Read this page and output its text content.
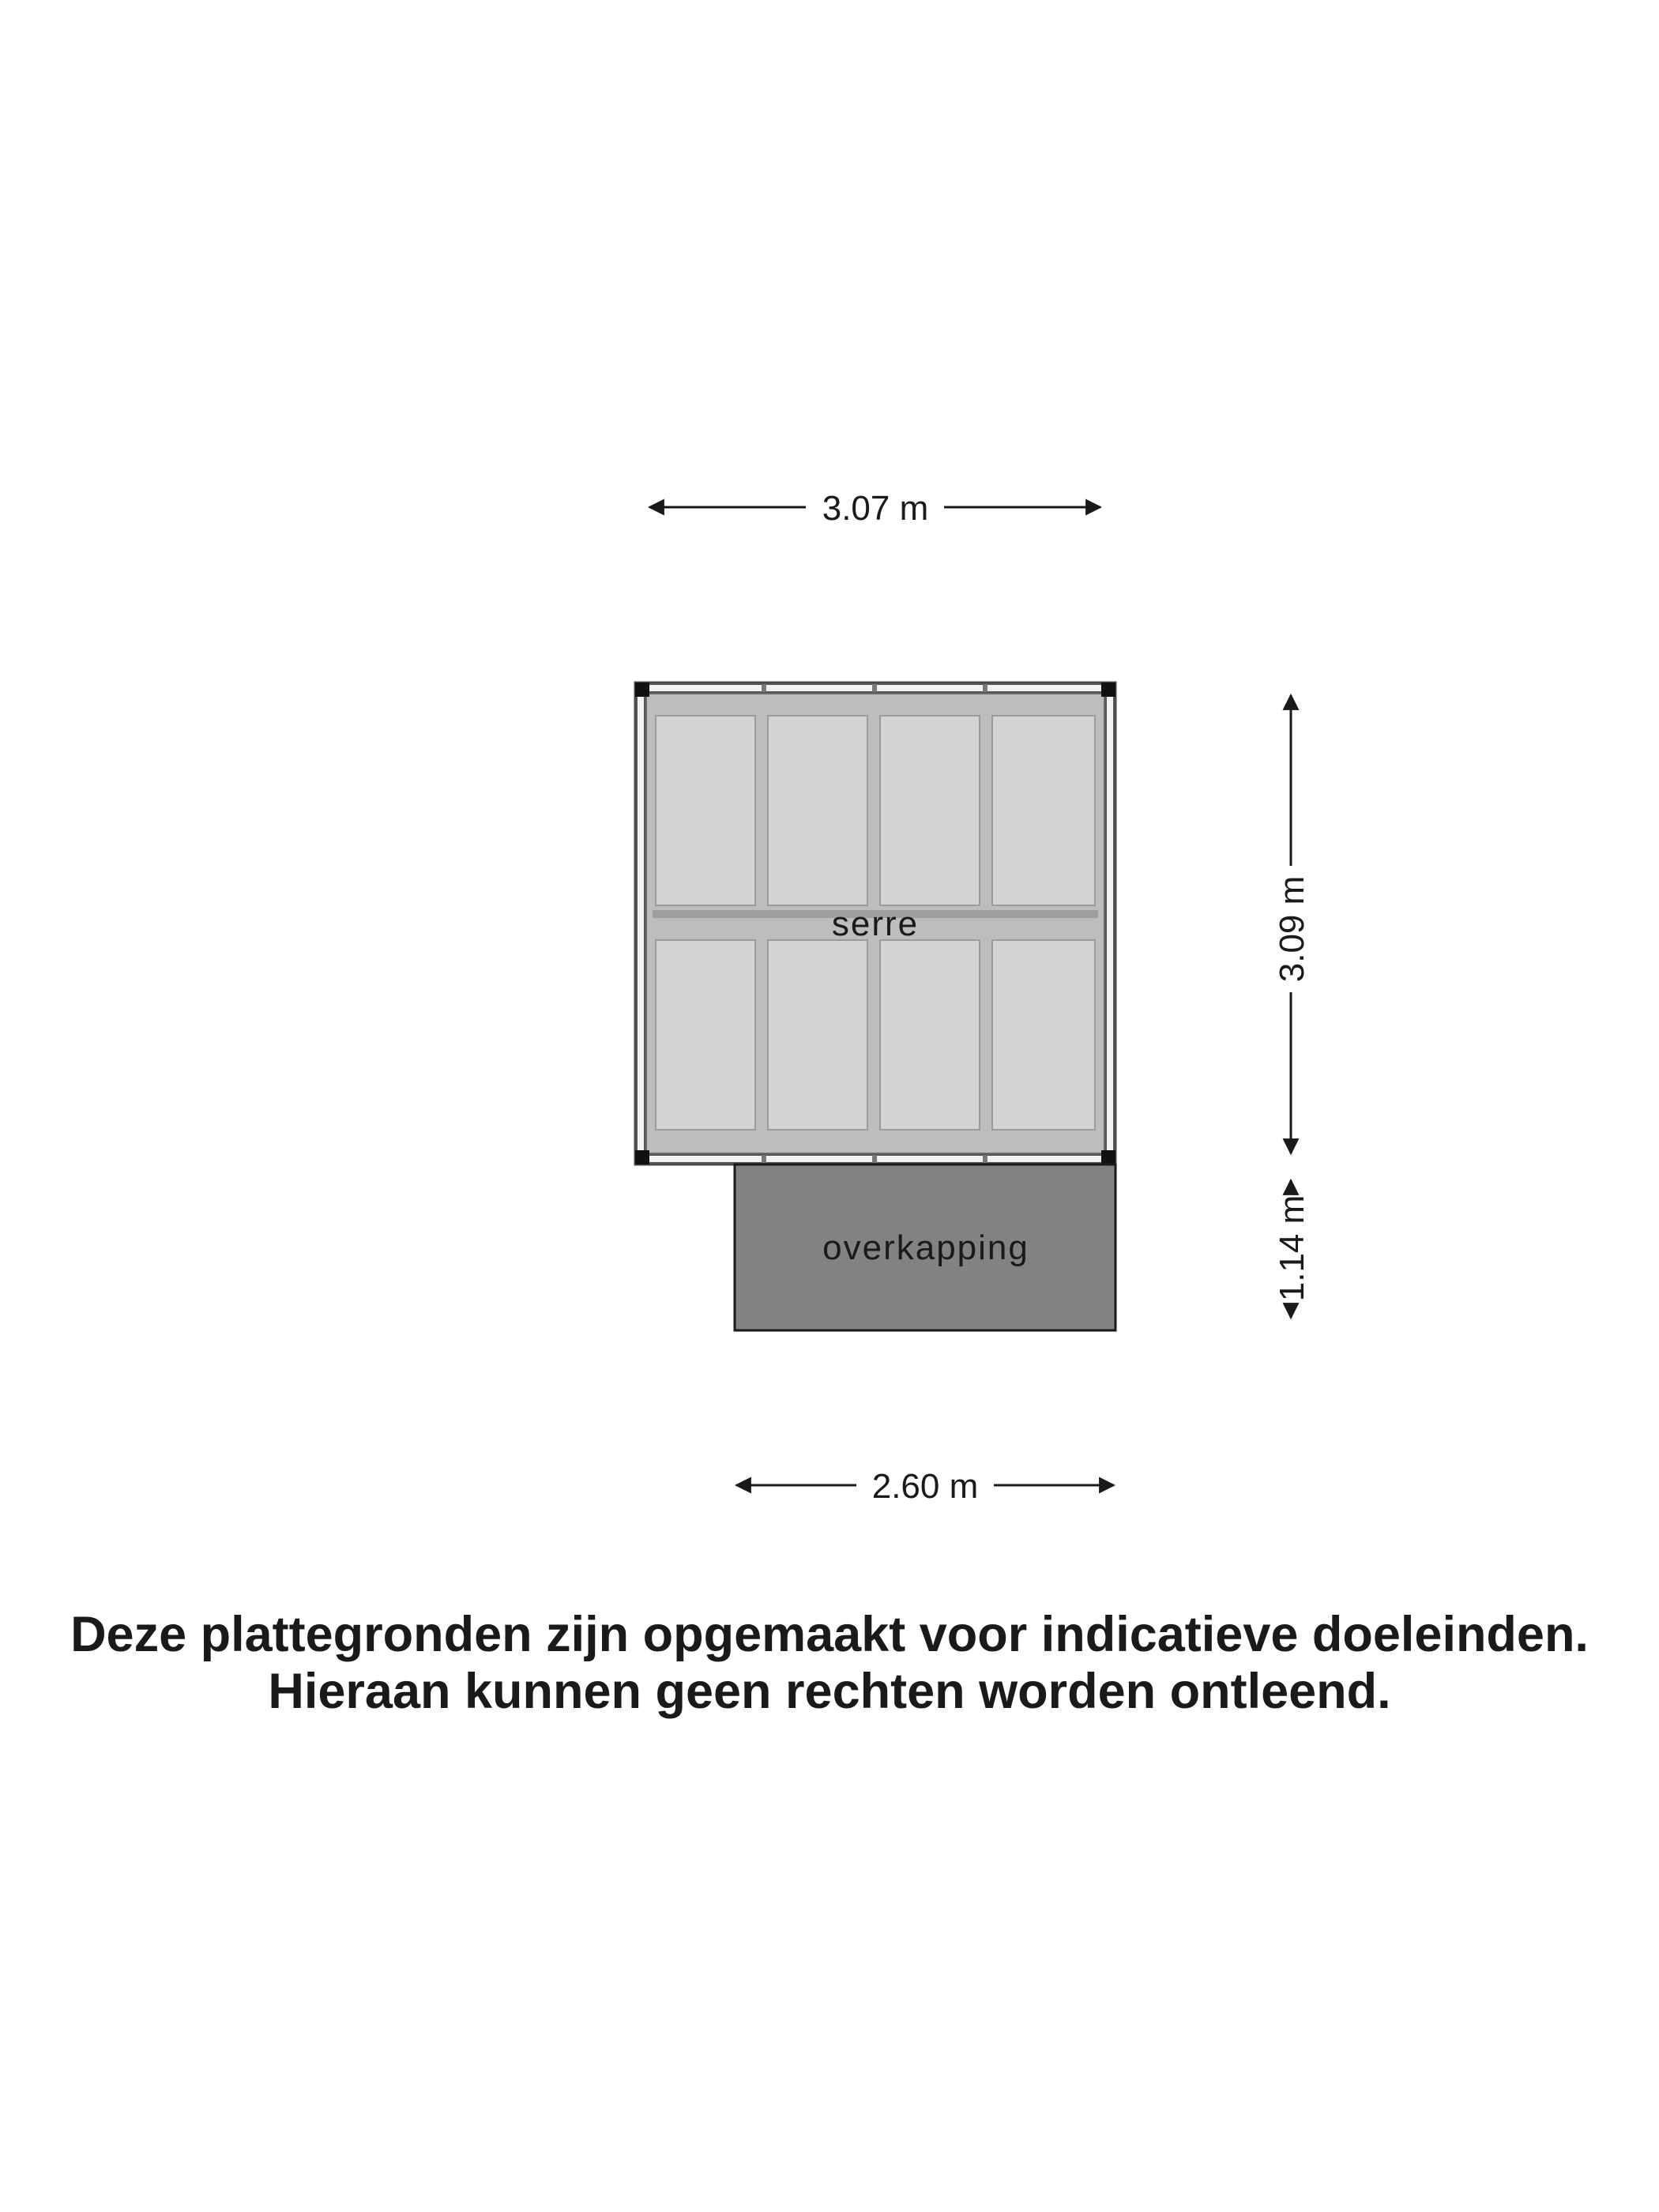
3.07 m
serre
overkapping
3.09 m
1.14 m
2.60 m
Deze plattegronden zijn opgemaakt voor indicatieve doeleinden.
Hieraan kunnen geen rechten worden ontleend.
